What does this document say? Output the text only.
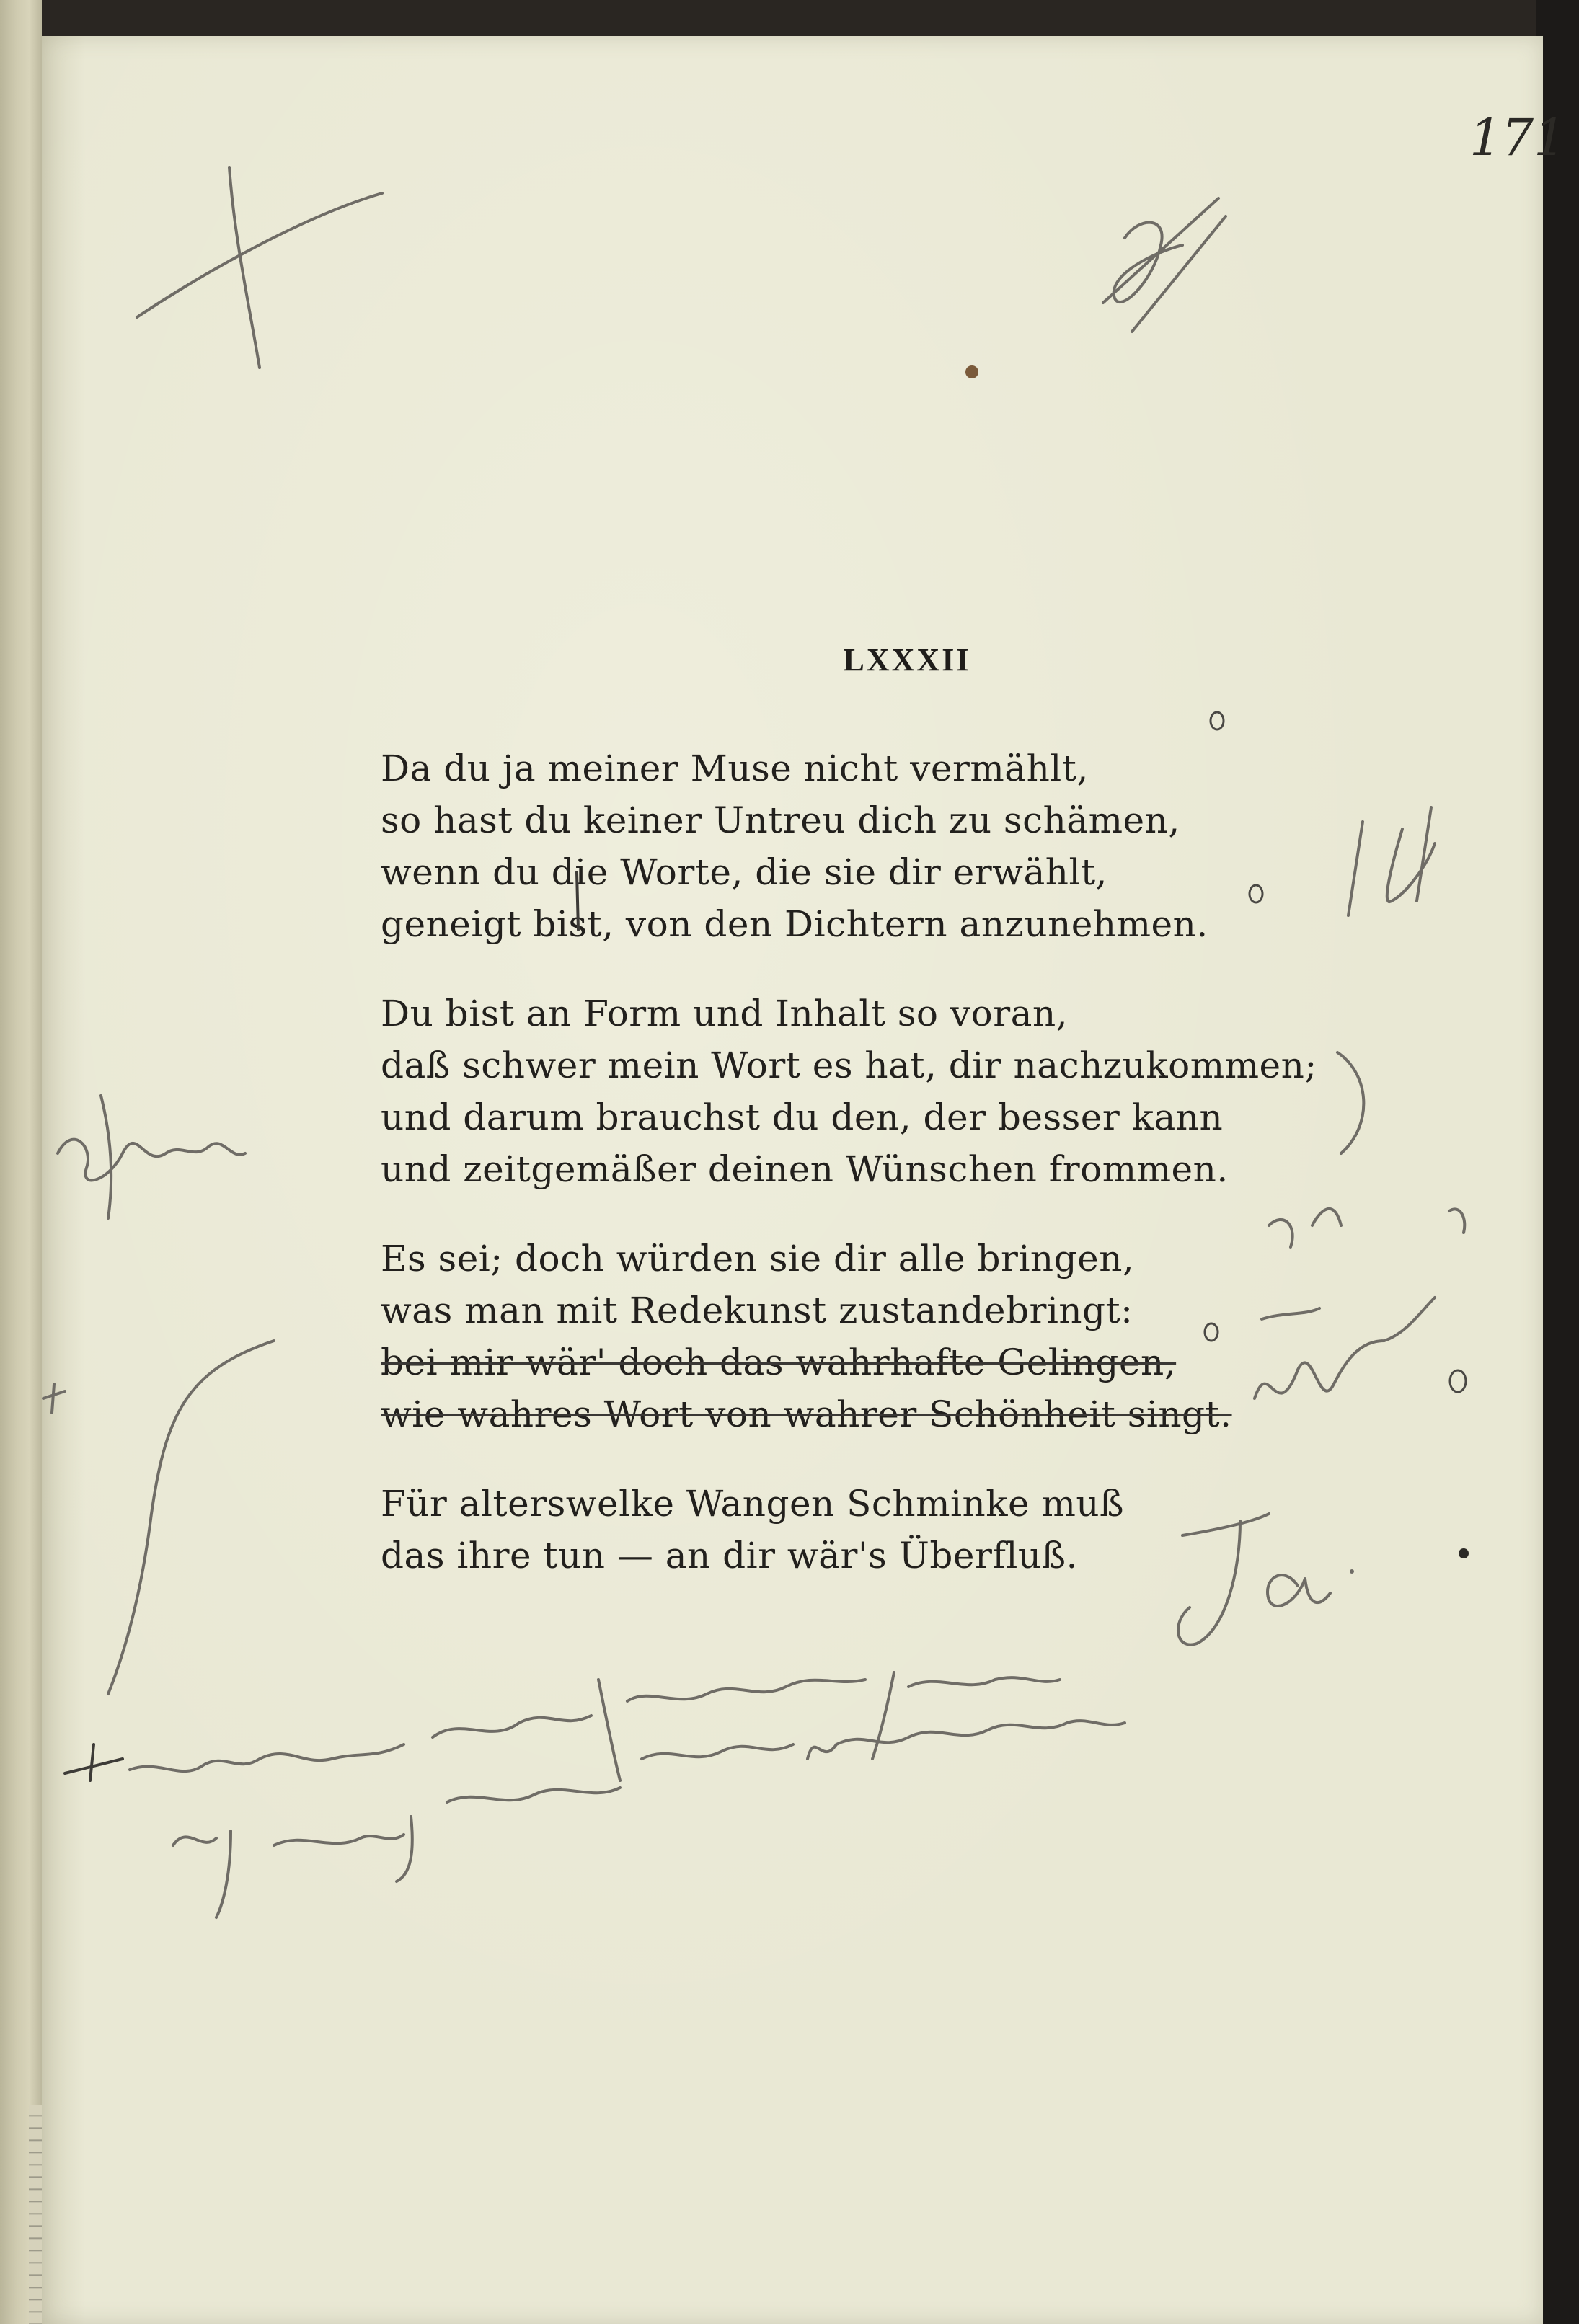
171

LXXXII
Da du ja meiner Muse nicht vermählt,
so hast du keiner Untreu dich zu schämen,
wenn du die Worte, die sie dir erwählt,
geneigt bist, von den Dichtern anzunehmen.
Du bist an Form und Inhalt so voran,
daß schwer mein Wort es hat, dir nachzukommen;
und darum brauchst du den, der besser kann
und zeitgemäßer deinen Wünschen frommen.
Es sei; doch würden sie dir alle bringen,
was man mit Redekunst zustandebringt:
bei mir wär' doch das wahrhafte Gelingen,
wie wahres Wort von wahrer Schönheit singt.
Für alterswelke Wangen Schminke muß
das ihre tun — an dir wär's Überfluß.
